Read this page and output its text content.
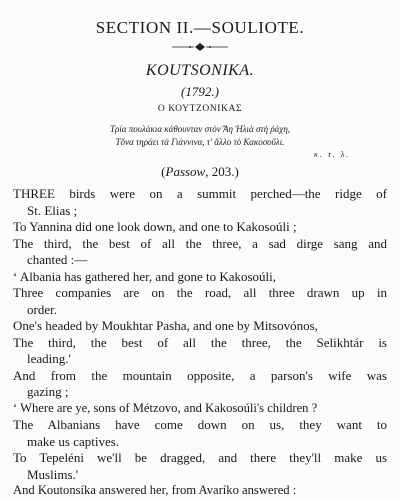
SECTION II.—SOULIOTE.
KOUTSONIKA.
(1792.)
Ο ΚΟΥΤΖΟΝΙΚΑΣ
Τρία πουλάκια κάθουνταν στὸν Ἅη Ἠλιὰ στὴ ῥάχη,
Τὄνα τηράει τὰ Γιάννινα, τ' ἄλλο τὸ Κακοσοῦλι.
κ. τ. λ.
(Passow, 203.)
THREE birds were on a summit perched—the ridge of
St. Elias ;
To Yannina did one look down, and one to Kakosoúli ;
The third, the best of all the three, a sad dirge sang and
chanted :—
‘ Albania has gathered her, and gone to Kakosoúli,
Three companies are on the road, all three drawn up in
order.
One's headed by Moukhtar Pasha, and one by Mitsovónos,
The third, the best of all the three, the Selikhtár is
leading.'
And from the mountain opposite, a parson's wife was
gazing ;
‘ Where are ye, sons of Métzovo, and Kakosoúli's children ?
The Albanians have come down on us, they want to
make us captives.
To Tepeléni we'll be dragged, and there they'll make us
Muslims.'
And Koutonsíka answered her, from Avaríko answered :
